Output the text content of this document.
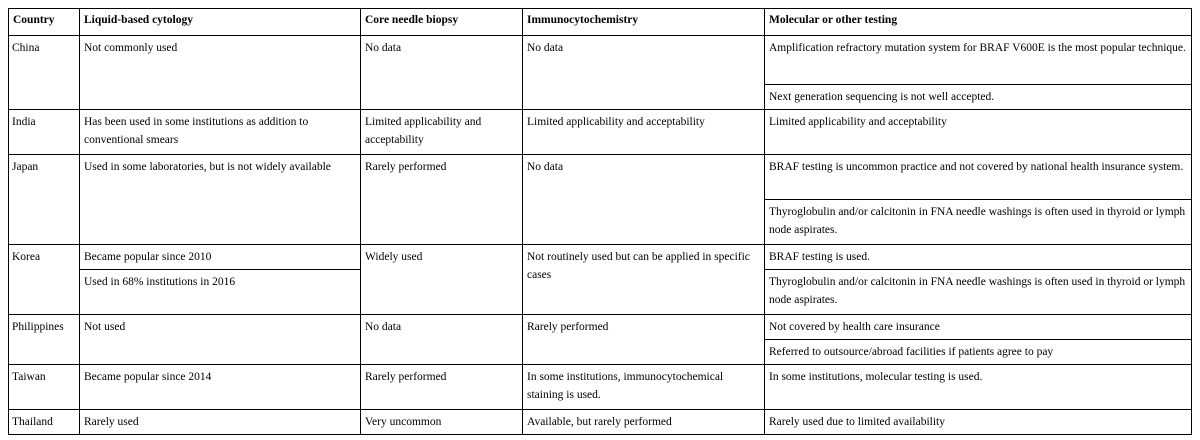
Country	Liquid-based cytology	Core needle biopsy	Immunocytochemistry	Molecular or other testing
China	Not commonly used	No data	No data	Amplification refractory mutation system for BRAF V600E is the most popular technique.
				Next generation sequencing is not well accepted.
India	Has been used in some institutions as addition to conventional smears	Limited applicability and acceptability	Limited applicability and acceptability	Limited applicability and acceptability
Japan	Used in some laboratories, but is not widely available	Rarely performed	No data	BRAF testing is uncommon practice and not covered by national health insurance system.
				Thyroglobulin and/or calcitonin in FNA needle washings is often used in thyroid or lymph node aspirates.
Korea	Became popular since 2010	Widely used	Not routinely used but can be applied in specific cases	BRAF testing is used.
	Used in 68% institutions in 2016			Thyroglobulin and/or calcitonin in FNA needle washings is often used in thyroid or lymph node aspirates.
Philippines	Not used	No data	Rarely performed	Not covered by health care insurance
				Referred to outsource/abroad facilities if patients agree to pay
Taiwan	Became popular since 2014	Rarely performed	In some institutions, immunocytochemical staining is used.	In some institutions, molecular testing is used.
Thailand	Rarely used	Very uncommon	Available, but rarely performed	Rarely used due to limited availability
